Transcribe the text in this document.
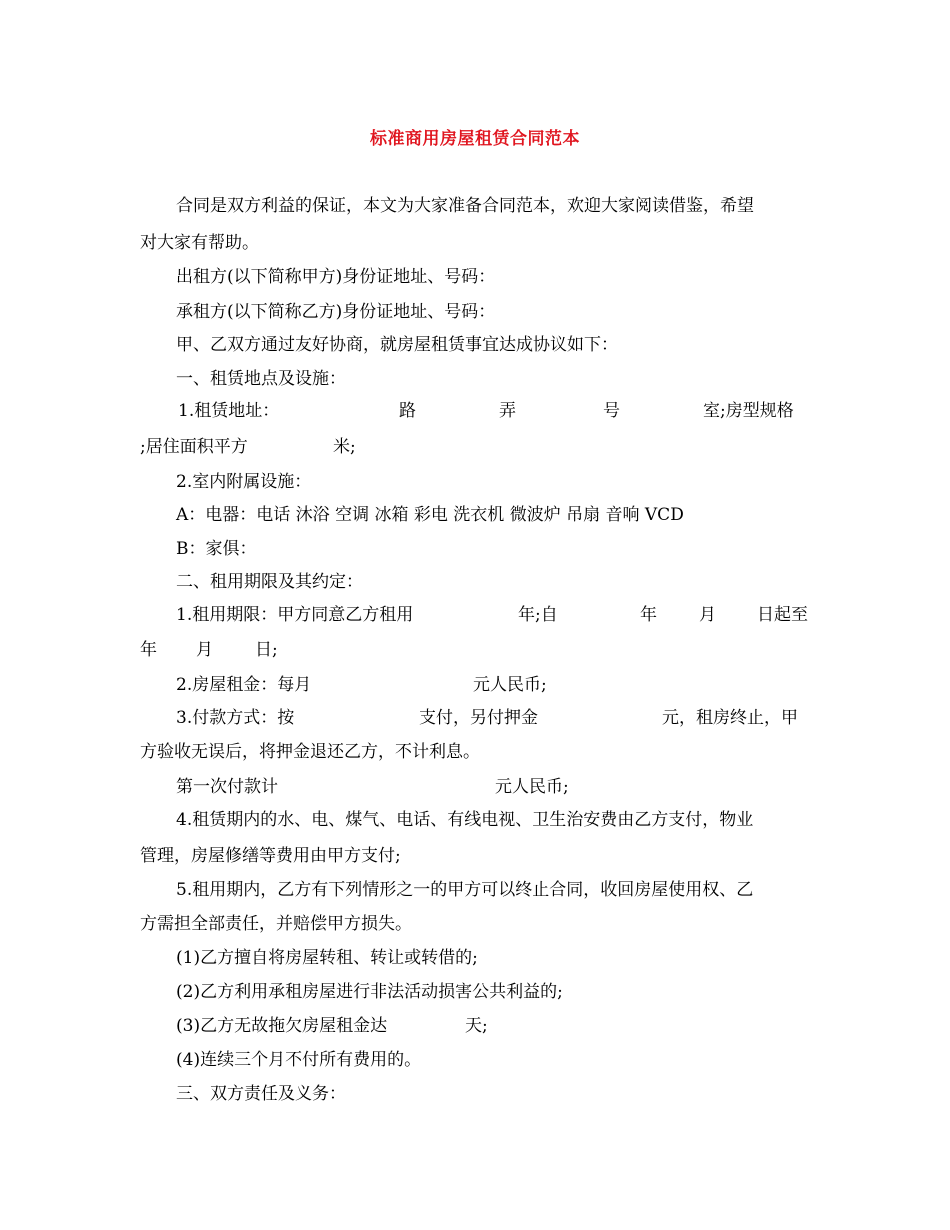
标准商用房屋租赁合同范本
合同是双方利益的保证，本文为大家准备合同范本，欢迎大家阅读借鉴，希望
对大家有帮助。
出租方(以下简称甲方)身份证地址、号码：
承租方(以下简称乙方)身份证地址、号码：
甲、乙双方通过友好协商，就房屋租赁事宜达成协议如下：
一、租赁地点及设施：
1.租赁地址：	路	弄	号	室;房型规格
;居住面积平方	米;
2.室内附属设施：
A：电器：电话 沐浴 空调 冰箱 彩电 洗衣机 微波炉 吊扇 音响 VCD
B：家俱：
二、租用期限及其约定：
1.租用期限：甲方同意乙方租用	年;自	年 月 日起至
年 月 日;
2.房屋租金：每月	元人民币;
3.付款方式：按	支付，另付押金	元，租房终止，甲
方验收无误后，将押金退还乙方，不计利息。
第一次付款计	元人民币;
4.租赁期内的水、电、煤气、电话、有线电视、卫生治安费由乙方支付，物业
管理，房屋修缮等费用由甲方支付;
5.租用期内，乙方有下列情形之一的甲方可以终止合同，收回房屋使用权、乙
方需担全部责任，并赔偿甲方损失。
(1)乙方擅自将房屋转租、转让或转借的;
(2)乙方利用承租房屋进行非法活动损害公共利益的;
(3)乙方无故拖欠房屋租金达	天;
(4)连续三个月不付所有费用的。
三、双方责任及义务：
